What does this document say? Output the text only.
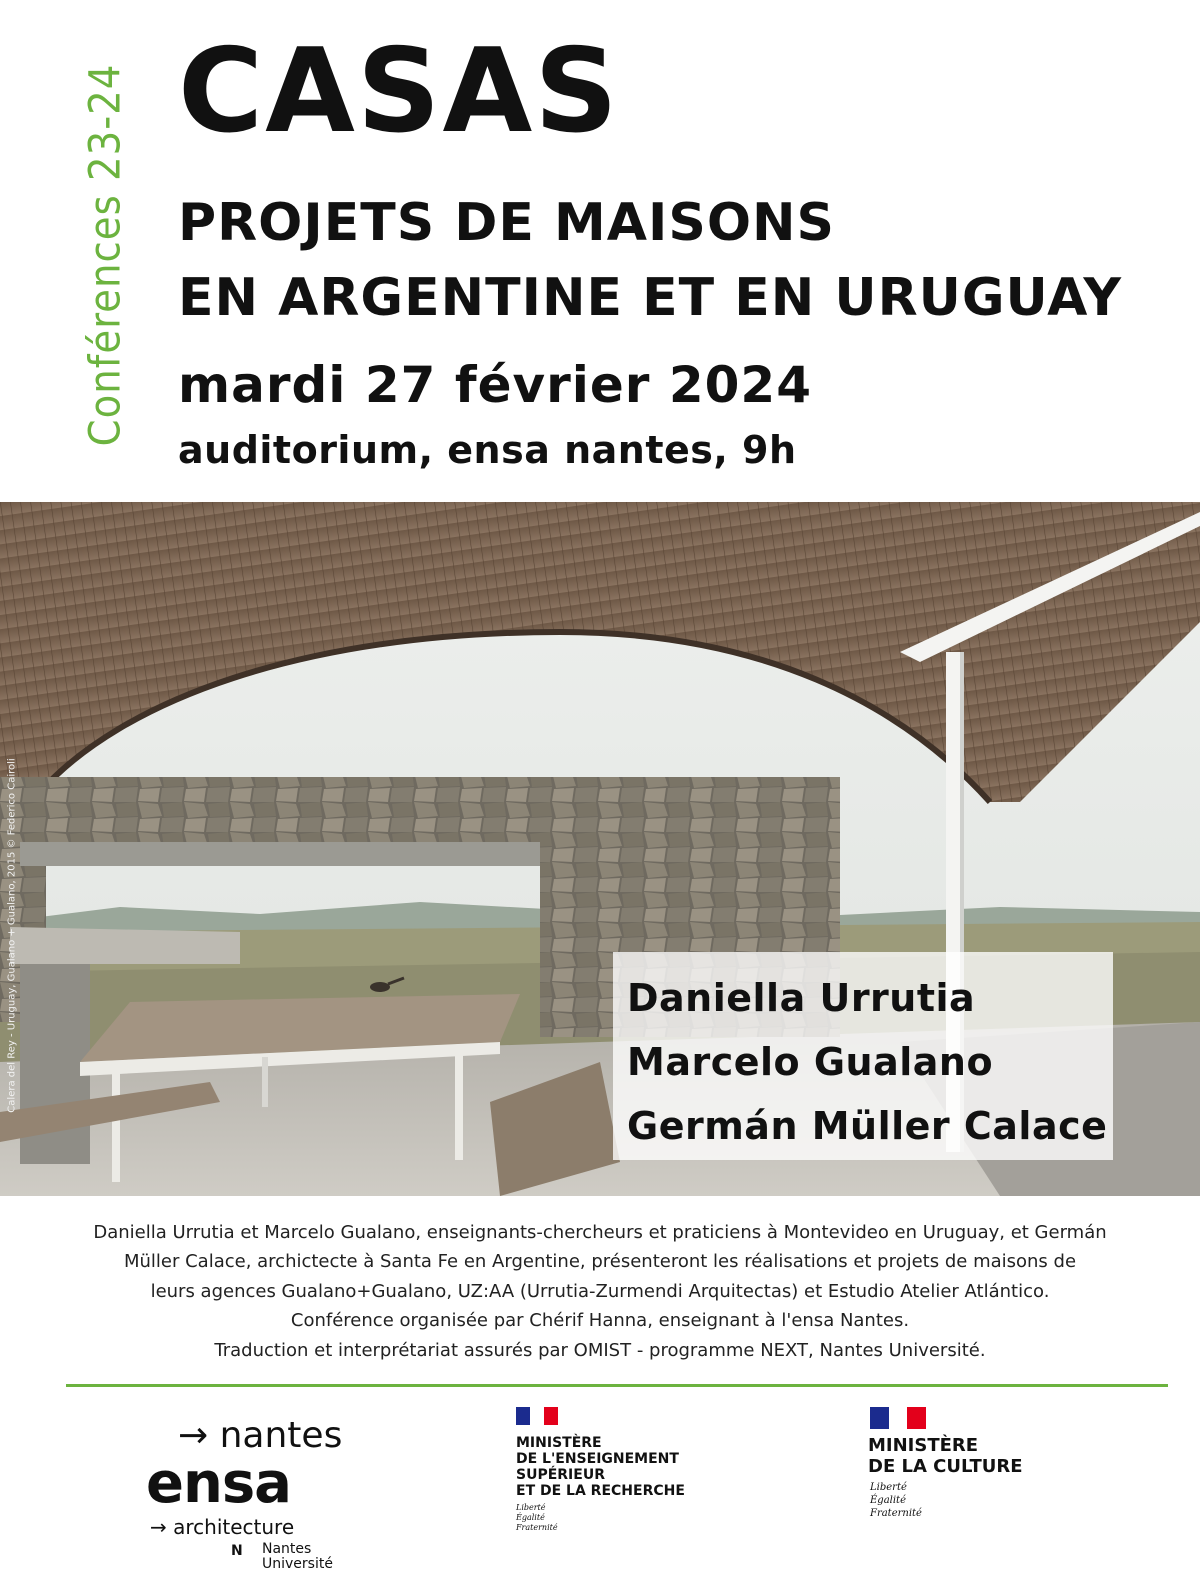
Conférences 23-24 CASAS
PROJETS DE MAISONS
EN ARGENTINE ET EN URUGUAY
mardi 27 février 2024
auditorium, ensa nantes, 9h
Calera del Rey - Uruguay, Gualano + Gualano, 2015 © Federico Cairoli	Daniella Urrutia
Marcelo Gualano
Germán Müller Calace

Daniella Urrutia et Marcelo Gualano, enseignants-chercheurs et praticiens à Montevideo en Uruguay, et Germán

Müller Calace, archictecte à Santa Fe en Argentine, présenteront les réalisations et projets de maisons de

leurs agences Gualano+Gualano, UZ:AA (Urrutia-Zurmendi Arquitectas) et Estudio Atelier Atlántico.

Conférence organisée par Chérif Hanna, enseignant à l'ensa Nantes.

Traduction et interprétariat assurés par OMIST - programme NEXT, Nantes Université.

→ nantes
ensa
→ architecture
N Nantes
Université
MINISTÈRE
DE L'ENSEIGNEMENT
SUPÉRIEUR
ET DE LA RECHERCHE
Liberté
Égalité
Fraternité
MINISTÈRE
DE LA CULTURE
Liberté
Égalité
Fraternité
